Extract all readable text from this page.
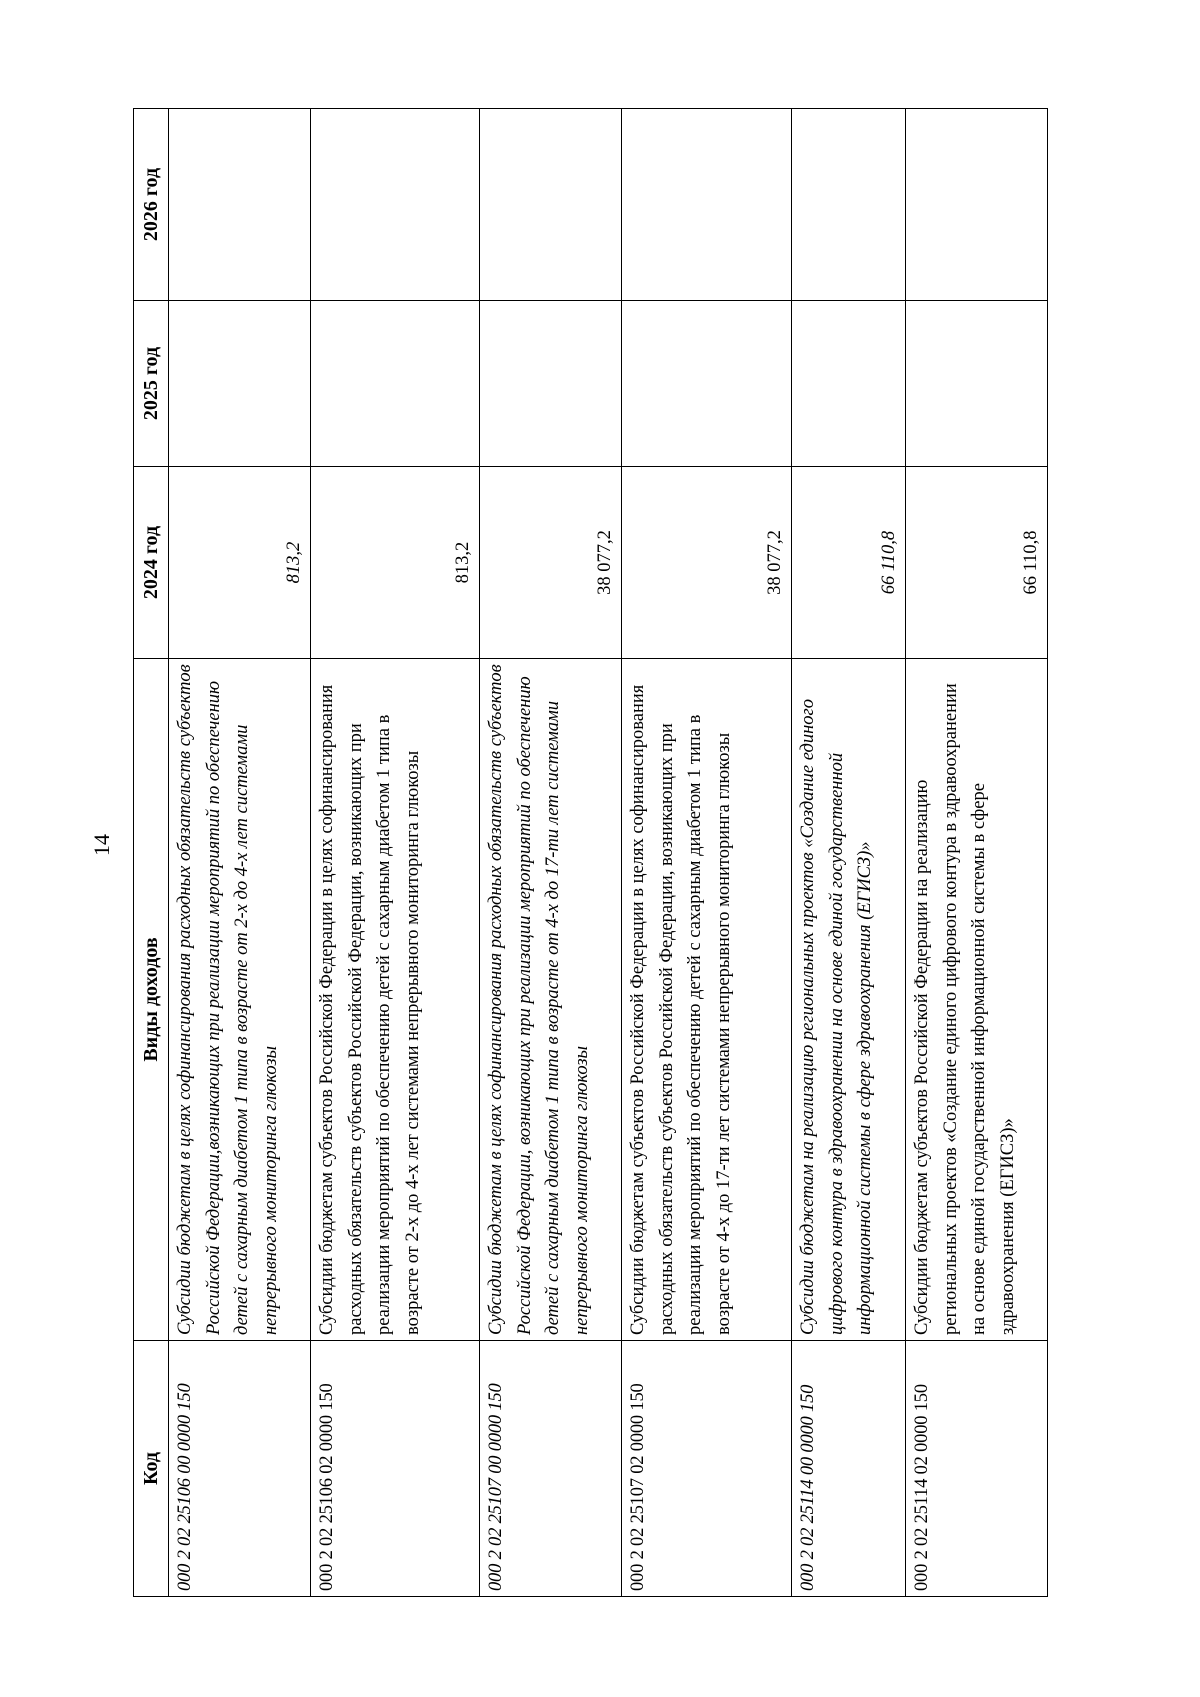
14
Код	Виды доходов	2024 год	2025 год	2026 год
000 2 02 25106 00 0000 150	Субсидии бюджетам в целях софинансирования расходных обязательств субъектов Российской Федерации,возникающих при реализации мероприятий по обеспечению детей с сахарным диабетом 1 типа в возрасте от 2-х до 4-х лет системами непрерывного мониторинга глюкозы	813,2		
000 2 02 25106 02 0000 150	Субсидии бюджетам субъектов Российской Федерации в целях софинансирования расходных обязательств субъектов Российской Федерации, возникающих при реализации мероприятий по обеспечению детей с сахарным диабетом 1 типа в возрасте от 2-х до 4-х лет системами непрерывного мониторинга глюкозы	813,2		
000 2 02 25107 00 0000 150	Субсидии бюджетам в целях софинансирования расходных обязательств субъектов Российской Федерации, возникающих при реализации мероприятий по обеспечению детей с сахарным диабетом 1 типа в возрасте от 4-х до 17-ти лет системами непрерывного мониторинга глюкозы	38 077,2		
000 2 02 25107 02 0000 150	Субсидии бюджетам субъектов Российской Федерации в целях софинансирования расходных обязательств субъектов Российской Федерации, возникающих при реализации мероприятий по обеспечению детей с сахарным диабетом 1 типа в возрасте от 4-х до 17-ти лет системами непрерывного мониторинга глюкозы	38 077,2		
000 2 02 25114 00 0000 150	Субсидии бюджетам на реализацию региональных проектов «Создание единого цифрового контура в здравоохранении на основе единой государственной информационной системы в сфере здравоохранения (ЕГИСЗ)»	66 110,8		
000 2 02 25114 02 0000 150	Субсидии бюджетам субъектов Российской Федерации на реализацию региональных проектов «Создание единого цифрового контура в здравоохранении на основе единой государственной информационной системы в сфере здравоохранения (ЕГИСЗ)»	66 110,8		
